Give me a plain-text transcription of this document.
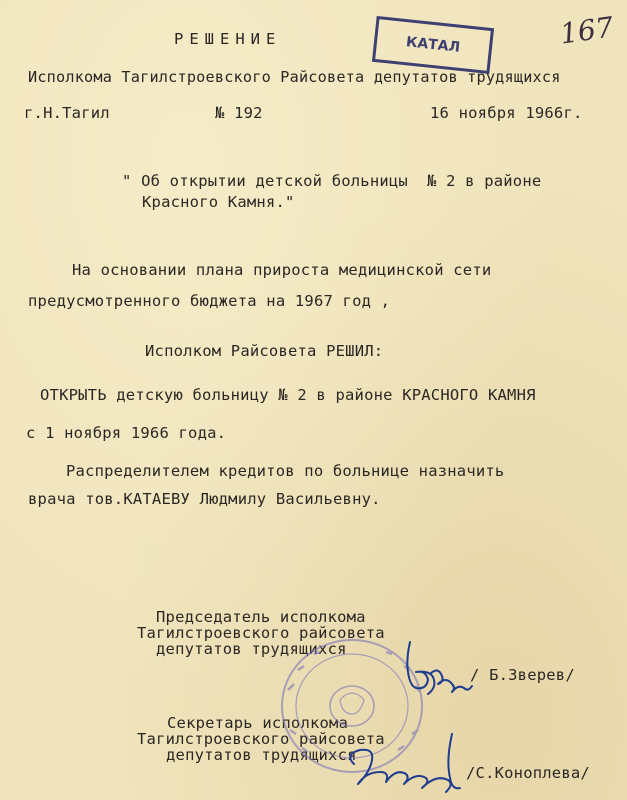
167
КАТАЛ
РЕШЕНИЕ
Исполкома Тагилстроевского Райсовета депутатов трудящихся
г.Н.Тагил	№ 192	16 ноября 1966г.
" Об открытии детской больницы  № 2 в районе
Красного Камня."
На основании плана прироста медицинской сети
предусмотренного бюджета на 1967 год ,
Исполком Райсовета РЕШИЛ:
ОТКРЫТЬ детскую больницу № 2 в районе КРАСНОГО КАМНЯ
с 1 ноября 1966 года.
Распределителем кредитов по больнице назначить
врача тов.КАТАЕВУ Людмилу Васильевну.
Председатель исполкома
Тагилстроевского райсовета
депутатов трудящихся
/ Б.Зверев/
Секретарь исполкома
Тагилстроевского райсовета
депутатов трудящихся
/С.Коноплева/
